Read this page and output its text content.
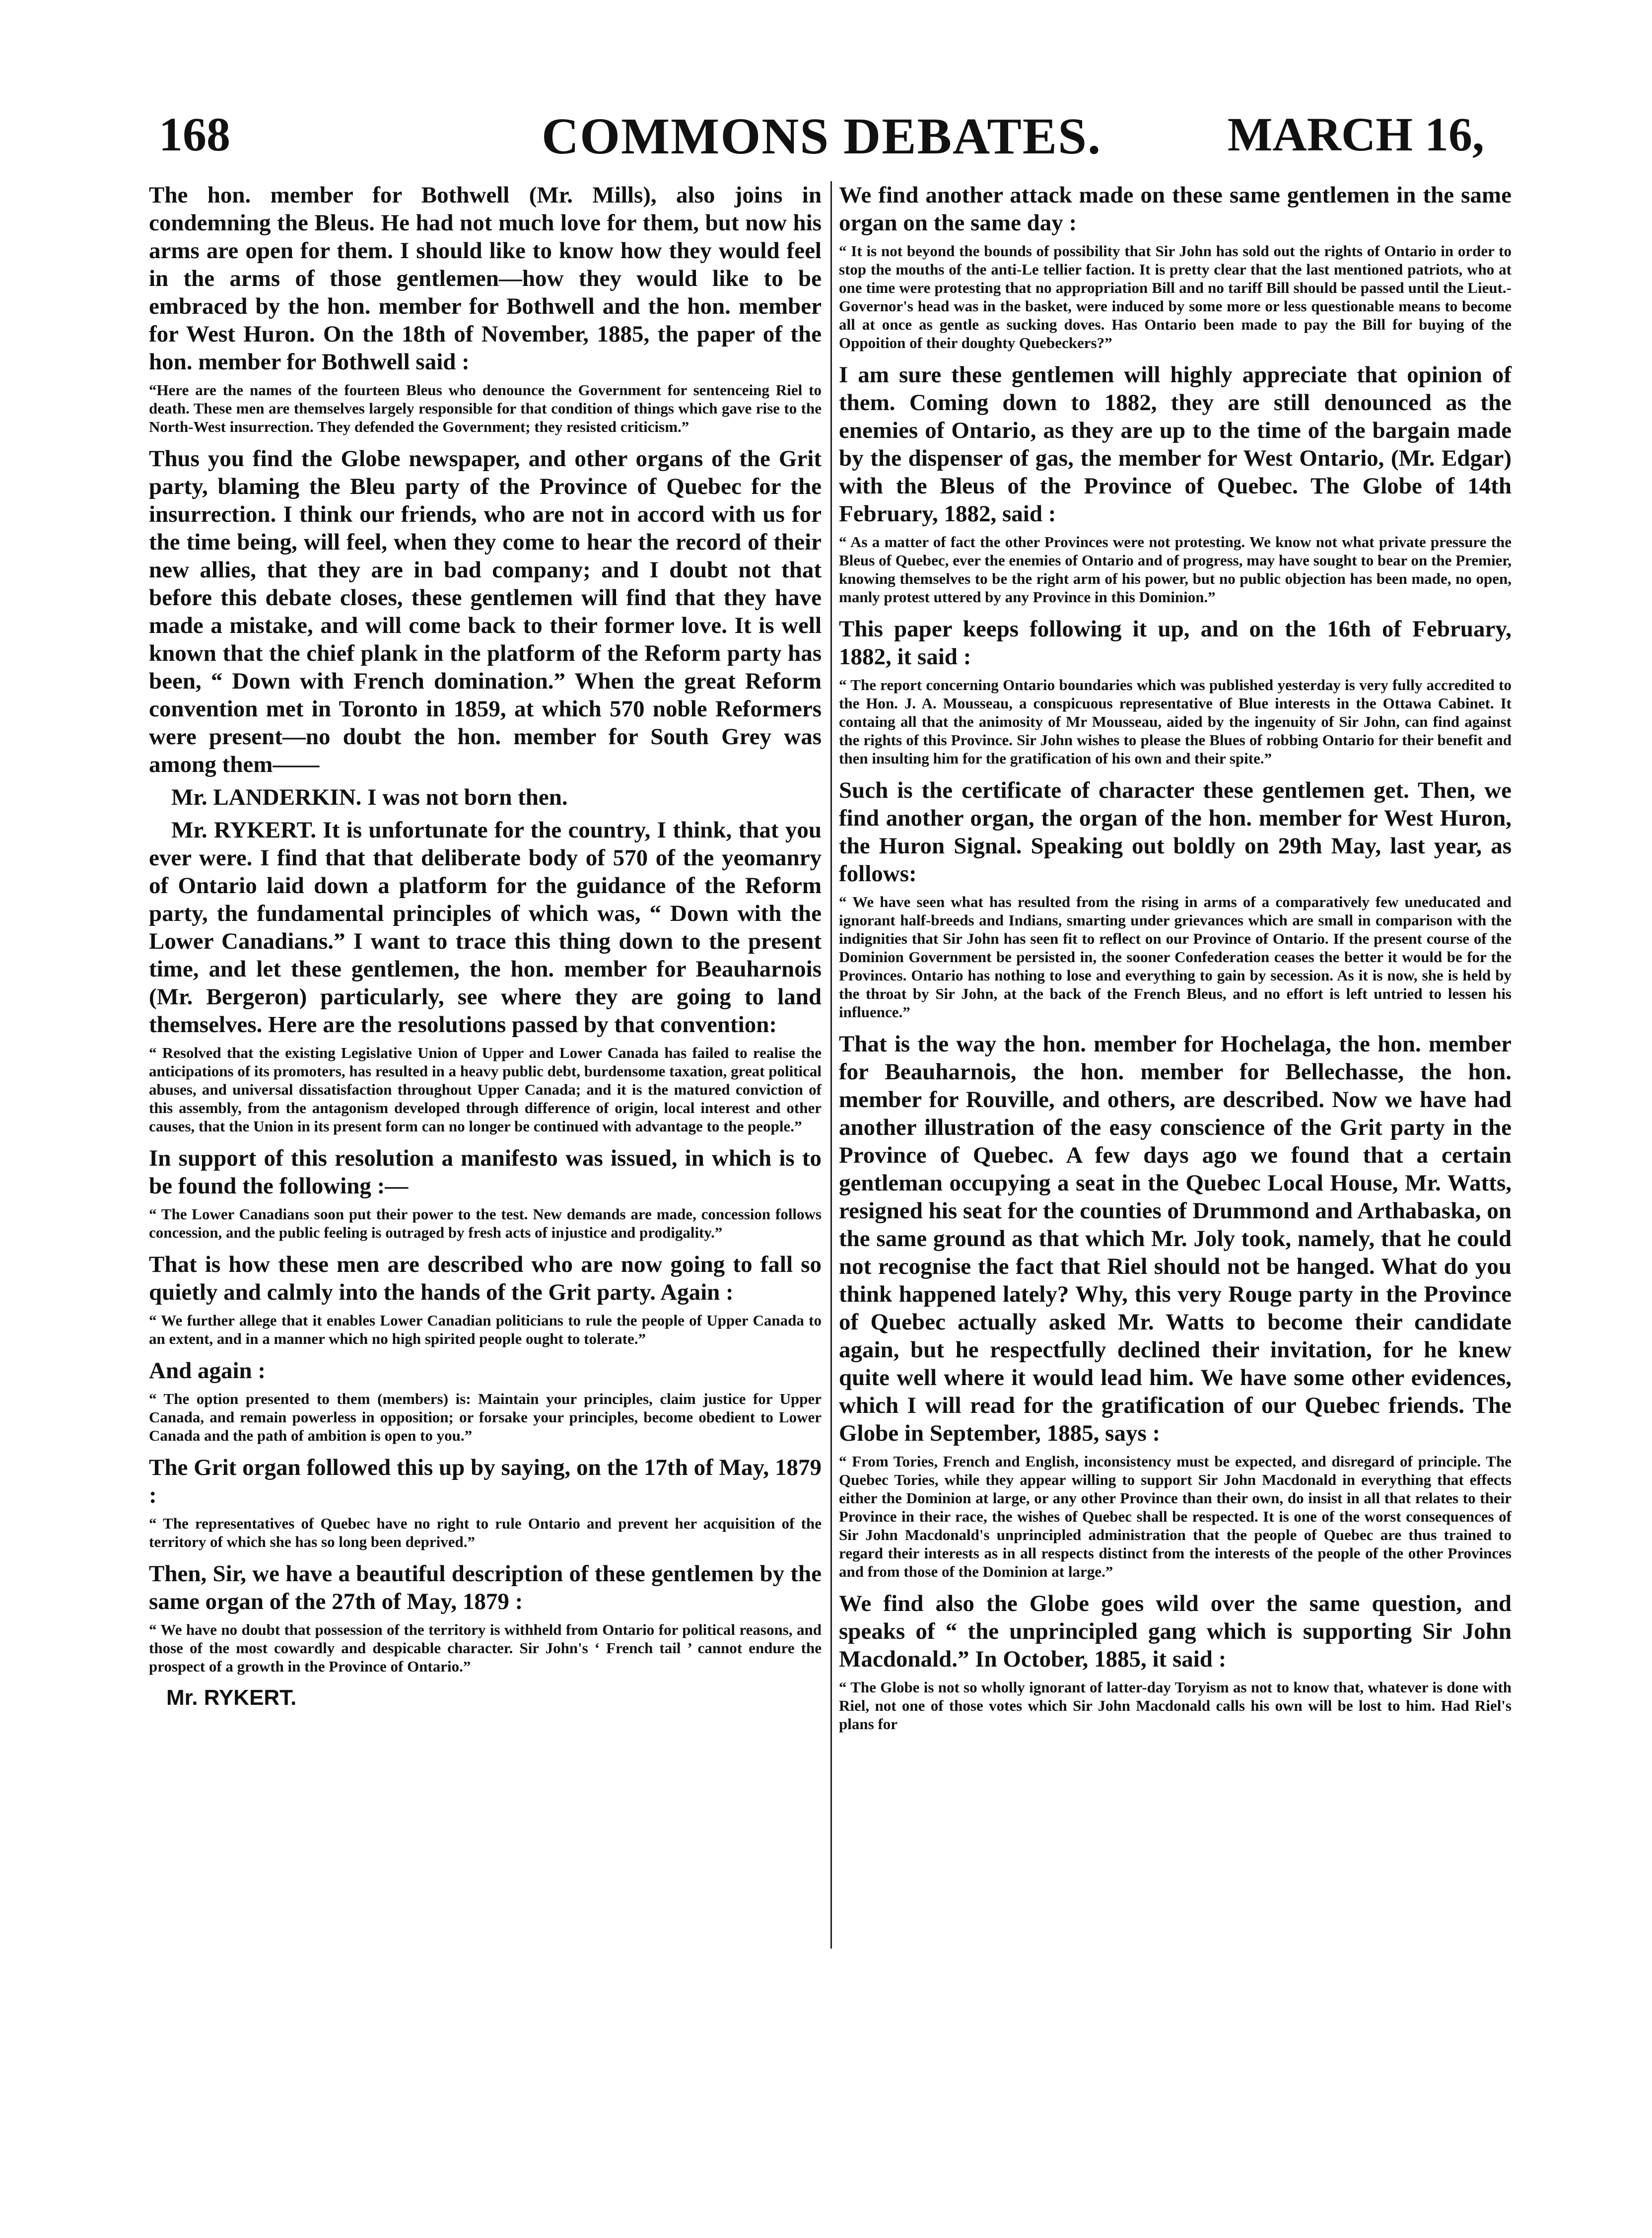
168	COMMONS DEBATES.	MARCH 16,

The hon. member for Bothwell (Mr. Mills), also joins in condemning the Bleus. He had not much love for them, but now his arms are open for them. I should like to know how they would feel in the arms of those gentlemen—how they would like to be embraced by the hon. member for Bothwell and the hon. member for West Huron. On the 18th of November, 1885, the paper of the hon. member for Bothwell said :

“Here are the names of the fourteen Bleus who denounce the Government for sentenceing Riel to death. These men are themselves largely responsible for that condition of things which gave rise to the North-West insurrection. They defended the Government; they resisted criticism.”

Thus you find the Globe newspaper, and other organs of the Grit party, blaming the Bleu party of the Province of Quebec for the insurrection. I think our friends, who are not in accord with us for the time being, will feel, when they come to hear the record of their new allies, that they are in bad company; and I doubt not that before this debate closes, these gentlemen will find that they have made a mistake, and will come back to their former love. It is well known that the chief plank in the platform of the Reform party has been, “ Down with French domination.” When the great Reform convention met in Toronto in 1859, at which 570 noble Reformers were present—no doubt the hon. member for South Grey was among them——

Mr. LANDERKIN. I was not born then.

Mr. RYKERT. It is unfortunate for the country, I think, that you ever were. I find that that deliberate body of 570 of the yeomanry of Ontario laid down a platform for the guidance of the Reform party, the fundamental principles of which was, “ Down with the Lower Canadians.” I want to trace this thing down to the present time, and let these gentlemen, the hon. member for Beauharnois (Mr. Bergeron) particularly, see where they are going to land themselves. Here are the resolutions passed by that convention:

“ Resolved that the existing Legislative Union of Upper and Lower Canada has failed to realise the anticipations of its promoters, has resulted in a heavy public debt, burdensome taxation, great political abuses, and universal dissatisfaction throughout Upper Canada; and it is the matured conviction of this assembly, from the antagonism developed through difference of origin, local interest and other causes, that the Union in its present form can no longer be continued with advantage to the people.”

In support of this resolution a manifesto was issued, in which is to be found the following :—

“ The Lower Canadians soon put their power to the test. New demands are made, concession follows concession, and the public feeling is outraged by fresh acts of injustice and prodigality.”

That is how these men are described who are now going to fall so quietly and calmly into the hands of the Grit party. Again :

“ We further allege that it enables Lower Canadian politicians to rule the people of Upper Canada to an extent, and in a manner which no high spirited people ought to tolerate.”

And again :

“ The option presented to them (members) is: Maintain your principles, claim justice for Upper Canada, and remain powerless in opposition; or forsake your principles, become obedient to Lower Canada and the path of ambition is open to you.”

The Grit organ followed this up by saying, on the 17th of May, 1879 :

“ The representatives of Quebec have no right to rule Ontario and prevent her acquisition of the territory of which she has so long been deprived.”

Then, Sir, we have a beautiful description of these gentlemen by the same organ of the 27th of May, 1879 :

“ We have no doubt that possession of the territory is withheld from Ontario for political reasons, and those of the most cowardly and despicable character. Sir John's ‘ French tail ’ cannot endure the prospect of a growth in the Province of Ontario.”

Mr. RYKERT.

We find another attack made on these same gentlemen in the same organ on the same day :

“ It is not beyond the bounds of possibility that Sir John has sold out the rights of Ontario in order to stop the mouths of the anti-Le tellier faction. It is pretty clear that the last mentioned patriots, who at one time were protesting that no appropriation Bill and no tariff Bill should be passed until the Lieut.-Governor's head was in the basket, were induced by some more or less questionable means to become all at once as gentle as sucking doves. Has Ontario been made to pay the Bill for buying of the Oppoition of their doughty Quebeckers?”

I am sure these gentlemen will highly appreciate that opinion of them. Coming down to 1882, they are still denounced as the enemies of Ontario, as they are up to the time of the bargain made by the dispenser of gas, the member for West Ontario, (Mr. Edgar) with the Bleus of the Province of Quebec. The Globe of 14th February, 1882, said :

“ As a matter of fact the other Provinces were not protesting. We know not what private pressure the Bleus of Quebec, ever the enemies of Ontario and of progress, may have sought to bear on the Premier, knowing themselves to be the right arm of his power, but no public objection has been made, no open, manly protest uttered by any Province in this Dominion.”

This paper keeps following it up, and on the 16th of February, 1882, it said :

“ The report concerning Ontario boundaries which was published yesterday is very fully accredited to the Hon. J. A. Mousseau, a conspicuous representative of Blue interests in the Ottawa Cabinet. It containg all that the animosity of Mr Mousseau, aided by the ingenuity of Sir John, can find against the rights of this Province. Sir John wishes to please the Blues of robbing Ontario for their benefit and then insulting him for the gratification of his own and their spite.”

Such is the certificate of character these gentlemen get. Then, we find another organ, the organ of the hon. member for West Huron, the Huron Signal. Speaking out boldly on 29th May, last year, as follows:

“ We have seen what has resulted from the rising in arms of a comparatively few uneducated and ignorant half-breeds and Indians, smarting under grievances which are small in comparison with the indignities that Sir John has seen fit to reflect on our Province of Ontario. If the present course of the Dominion Government be persisted in, the sooner Confederation ceases the better it would be for the Provinces. Ontario has nothing to lose and everything to gain by secession. As it is now, she is held by the throat by Sir John, at the back of the French Bleus, and no effort is left untried to lessen his influence.”

That is the way the hon. member for Hochelaga, the hon. member for Beauharnois, the hon. member for Bellechasse, the hon. member for Rouville, and others, are described. Now we have had another illustration of the easy conscience of the Grit party in the Province of Quebec. A few days ago we found that a certain gentleman occupying a seat in the Quebec Local House, Mr. Watts, resigned his seat for the counties of Drummond and Arthabaska, on the same ground as that which Mr. Joly took, namely, that he could not recognise the fact that Riel should not be hanged. What do you think happened lately? Why, this very Rouge party in the Province of Quebec actually asked Mr. Watts to become their candidate again, but he respectfully declined their invitation, for he knew quite well where it would lead him. We have some other evidences, which I will read for the gratification of our Quebec friends. The Globe in September, 1885, says :

“ From Tories, French and English, inconsistency must be expected, and disregard of principle. The Quebec Tories, while they appear willing to support Sir John Macdonald in everything that effects either the Dominion at large, or any other Province than their own, do insist in all that relates to their Province in their race, the wishes of Quebec shall be respected. It is one of the worst consequences of Sir John Macdonald's unprincipled administration that the people of Quebec are thus trained to regard their interests as in all respects distinct from the interests of the people of the other Provinces and from those of the Dominion at large.”

We find also the Globe goes wild over the same question, and speaks of “ the unprincipled gang which is supporting Sir John Macdonald.” In October, 1885, it said :

“ The Globe is not so wholly ignorant of latter-day Toryism as not to know that, whatever is done with Riel, not one of those votes which Sir John Macdonald calls his own will be lost to him. Had Riel's plans for
